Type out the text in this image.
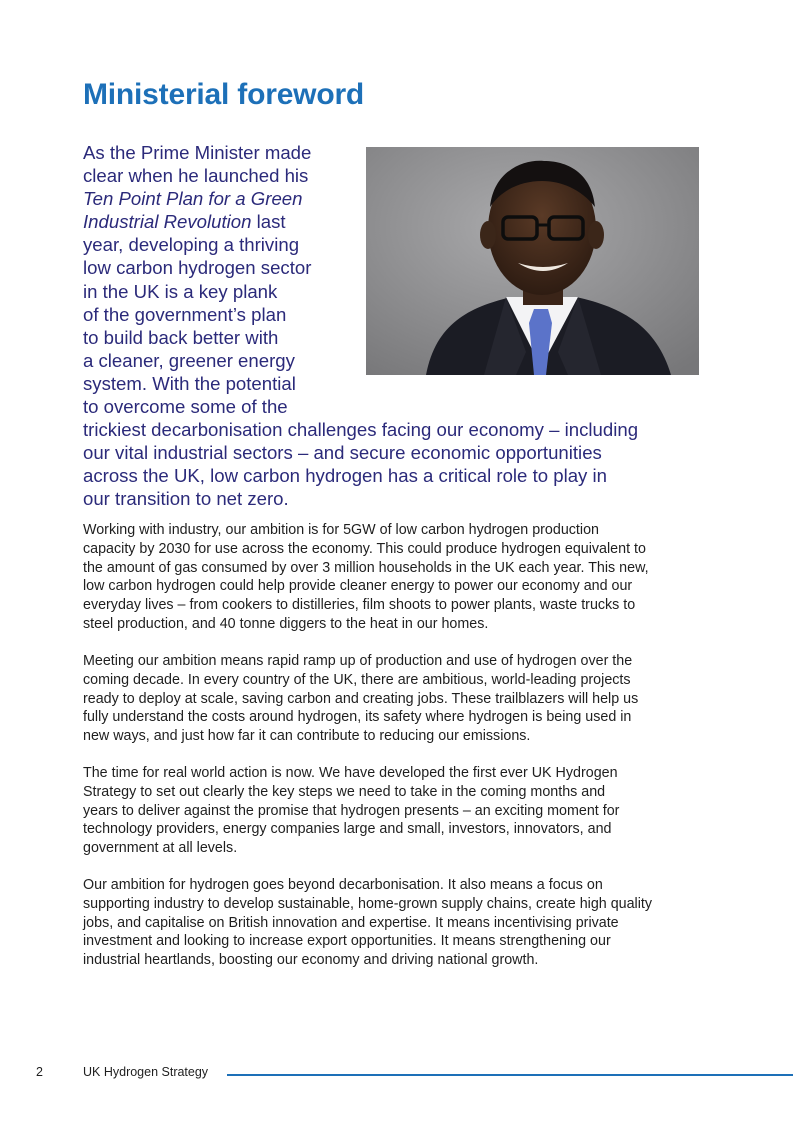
Ministerial foreword

As the Prime Minister made
clear when he launched his
Ten Point Plan for a Green
Industrial Revolution last
year, developing a thriving
low carbon hydrogen sector
in the UK is a key plank
of the government’s plan
to build back better with
a cleaner, greener energy
system. With the potential
to overcome some of the
trickiest decarbonisation challenges facing our economy – including
our vital industrial sectors – and secure economic opportunities
across the UK, low carbon hydrogen has a critical role to play in
our transition to net zero.

Working with industry, our ambition is for 5GW of low carbon hydrogen production
capacity by 2030 for use across the economy. This could produce hydrogen equivalent to
the amount of gas consumed by over 3 million households in the UK each year. This new,
low carbon hydrogen could help provide cleaner energy to power our economy and our
everyday lives – from cookers to distilleries, film shoots to power plants, waste trucks to
steel production, and 40 tonne diggers to the heat in our homes.

Meeting our ambition means rapid ramp up of production and use of hydrogen over the
coming decade. In every country of the UK, there are ambitious, world-leading projects
ready to deploy at scale, saving carbon and creating jobs. These trailblazers will help us
fully understand the costs around hydrogen, its safety where hydrogen is being used in
new ways, and just how far it can contribute to reducing our emissions.

The time for real world action is now. We have developed the first ever UK Hydrogen
Strategy to set out clearly the key steps we need to take in the coming months and
years to deliver against the promise that hydrogen presents – an exciting moment for
technology providers, energy companies large and small, investors, innovators, and
government at all levels.

Our ambition for hydrogen goes beyond decarbonisation. It also means a focus on
supporting industry to develop sustainable, home-grown supply chains, create high quality
jobs, and capitalise on British innovation and expertise. It means incentivising private
investment and looking to increase export opportunities. It means strengthening our
industrial heartlands, boosting our economy and driving national growth.

2	UK Hydrogen Strategy
